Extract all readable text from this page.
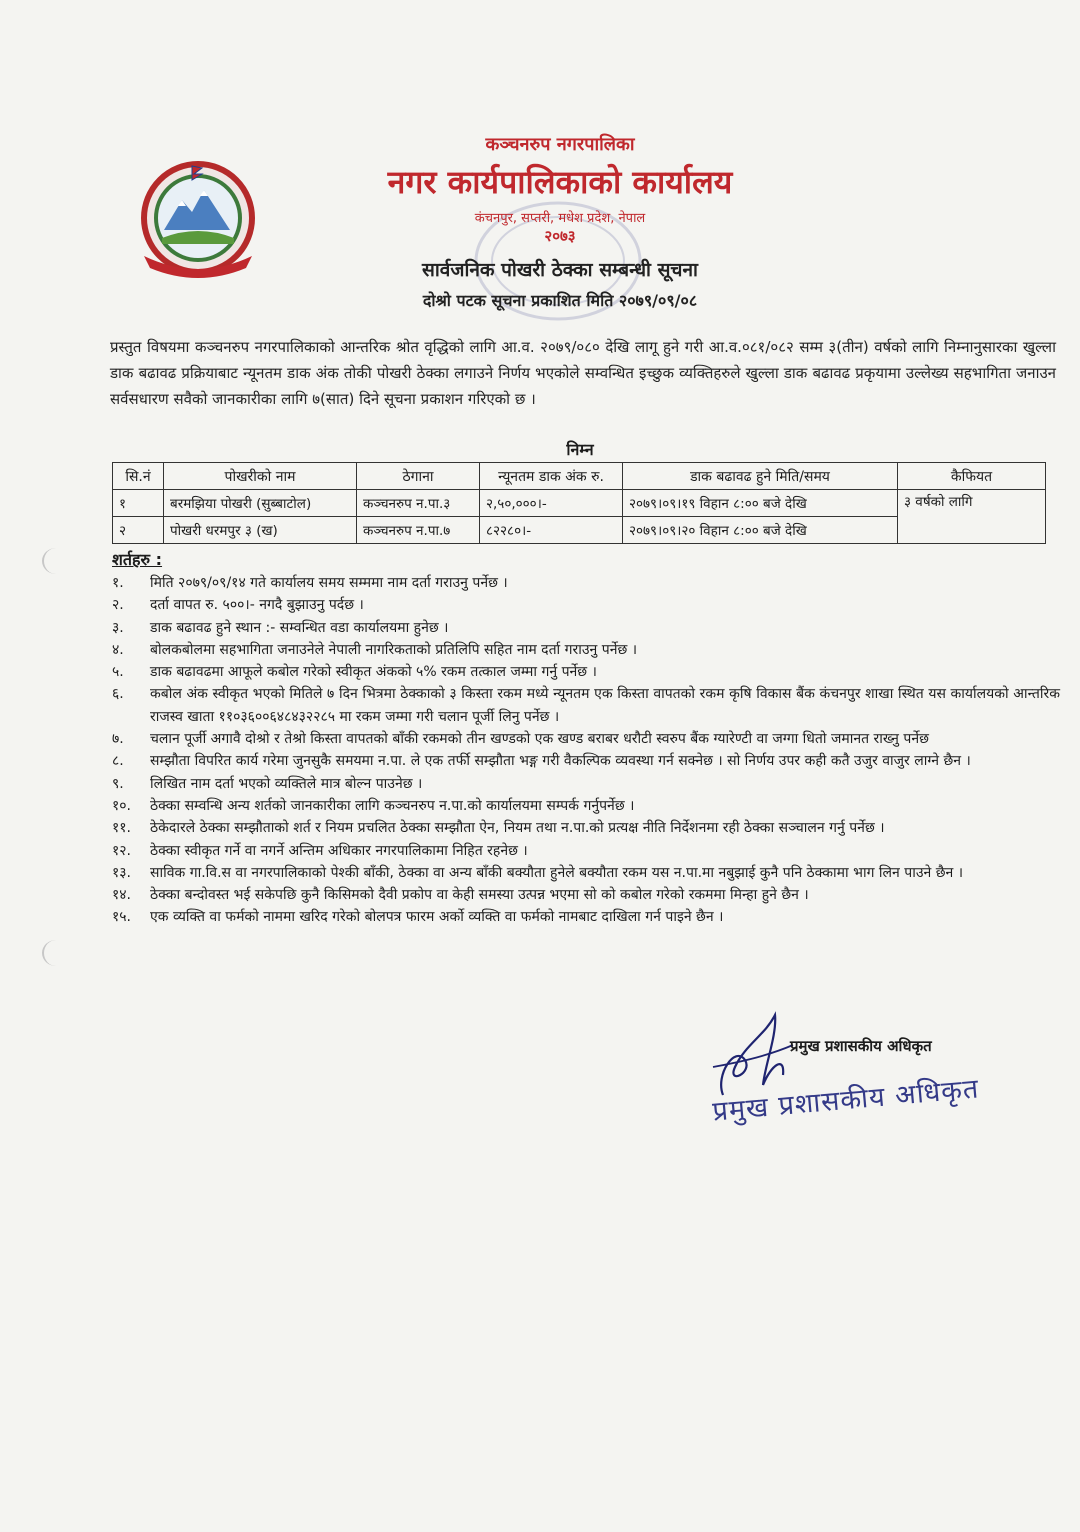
कञ्चनरुप नगरपालिका
नगर कार्यपालिकाको कार्यालय
कंचनपुर, सप्तरी, मधेश प्रदेश, नेपाल
२०७३
सार्वजनिक पोखरी ठेक्का सम्बन्धी सूचना
दोश्रो पटक सूचना प्रकाशित मिति २०७९/०९/०८
प्रस्तुत विषयमा कञ्चनरुप नगरपालिकाको आन्तरिक श्रोत वृद्धिको लागि आ.व. २०७९/०८० देखि लागू हुने गरी आ.व.०८१/०८२ सम्म ३(तीन) वर्षको लागि निम्नानुसारका खुल्ला डाक बढावढ प्रक्रियाबाट न्यूनतम डाक अंक तोकी पोखरी ठेक्का लगाउने निर्णय भएकोले सम्वन्धित इच्छुक व्यक्तिहरुले खुल्ला डाक बढावढ प्रकृयामा उल्लेख्य सहभागिता जनाउन सर्वसधारण सवैको जानकारीका लागि ७(सात) दिने सूचना प्रकाशन गरिएको छ ।
निम्न
सि.नं	पोखरीको नाम	ठेगाना	न्यूनतम डाक अंक रु.	डाक बढावढ हुने मिति/समय	कैफियत
१	बरमझिया पोखरी (सुब्बाटोल)	कञ्चनरुप न.पा.३	२,५०,०००।-	२०७९।०९।१९ विहान ८:०० बजे देखि	३ वर्षको लागि
२	पोखरी धरमपुर ३ (ख)	कञ्चनरुप न.पा.७	८२२८०।-	२०७९।०९।२० विहान ८:०० बजे देखि	
शर्तहरु :
१.	मिति २०७९/०९/१४ गते कार्यालय समय सम्ममा नाम दर्ता गराउनु पर्नेछ ।
२.	दर्ता वापत रु. ५००।- नगदै बुझाउनु पर्दछ ।
३.	डाक बढावढ हुने स्थान :- सम्वन्धित वडा कार्यालयमा हुनेछ ।
४.	बोलकबोलमा सहभागिता जनाउनेले नेपाली नागरिकताको प्रतिलिपि सहित नाम दर्ता गराउनु पर्नेछ ।
५.	डाक बढावढमा आफूले कबोल गरेको स्वीकृत अंकको ५% रकम तत्काल जम्मा गर्नु पर्नेछ ।
६.	कबोल अंक स्वीकृत भएको मितिले ७ दिन भित्रमा ठेक्काको ३ किस्ता रकम मध्ये न्यूनतम एक किस्ता वापतको रकम कृषि विकास बैंक कंचनपुर शाखा स्थित यस कार्यालयको आन्तरिक राजस्व खाता ११०३६००६४८४३२२८५ मा रकम जम्मा गरी चलान पूर्जी लिनु पर्नेछ ।
७.	चलान पूर्जी अगावै दोश्रो र तेश्रो किस्ता वापतको बाँकी रकमको तीन खण्डको एक खण्ड बराबर धरौटी स्वरुप बैंक ग्यारेण्टी वा जग्गा धितो जमानत राख्नु पर्नेछ
८.	सम्झौता विपरित कार्य गरेमा जुनसुकै समयमा न.पा. ले एक तर्फी सम्झौता भङ्ग गरी वैकल्पिक व्यवस्था गर्न सक्नेछ । सो निर्णय उपर कही कतै उजुर वाजुर लाग्ने छैन ।
९.	लिखित नाम दर्ता भएको व्यक्तिले मात्र बोल्न पाउनेछ ।
१०.	ठेक्का सम्वन्धि अन्य शर्तको जानकारीका लागि कञ्चनरुप न.पा.को कार्यालयमा सम्पर्क गर्नुपर्नेछ ।
११.	ठेकेदारले ठेक्का सम्झौताको शर्त र नियम प्रचलित ठेक्का सम्झौता ऐन, नियम तथा न.पा.को प्रत्यक्ष नीति निर्देशनमा रही ठेक्का सञ्चालन गर्नु पर्नेछ ।
१२.	ठेक्का स्वीकृत गर्ने वा नगर्ने अन्तिम अधिकार नगरपालिकामा निहित रहनेछ ।
१३.	साविक गा.वि.स वा नगरपालिकाको पेश्की बाँकी, ठेक्का वा अन्य बाँकी बक्यौता हुनेले बक्यौता रकम यस न.पा.मा नबुझाई कुनै पनि ठेक्कामा भाग लिन पाउने छैन ।
१४.	ठेक्का बन्दोवस्त भई सकेपछि कुनै किसिमको दैवी प्रकोप वा केही समस्या उत्पन्न भएमा सो को कबोल गरेको रकममा मिन्हा हुने छैन ।
१५.	एक व्यक्ति वा फर्मको नाममा खरिद गरेको बोलपत्र फारम अर्को व्यक्ति वा फर्मको नामबाट दाखिला गर्न पाइने छैन ।
प्रमुख प्रशासकीय अधिकृत
प्रमुख प्रशासकीय अधिकृत
